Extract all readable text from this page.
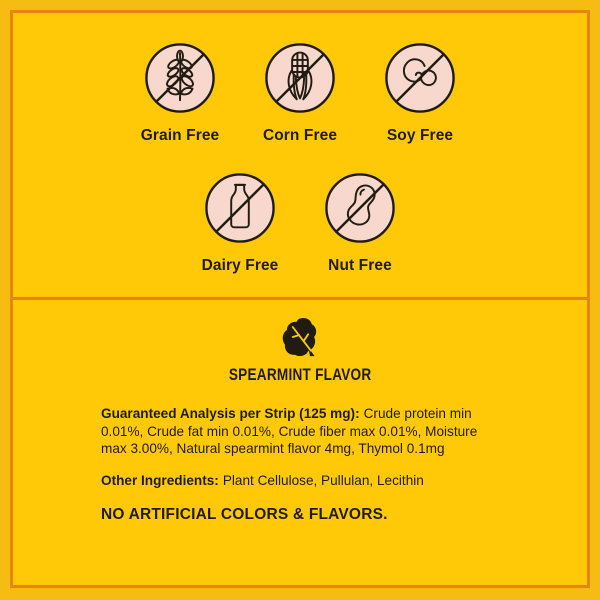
Grain Free	Corn Free	Soy Free
Dairy Free	Nut Free
SPEARMINT FLAVOR

Guaranteed Analysis per Strip (125 mg): Crude protein min 0.01%, Crude fat min 0.01%, Crude fiber max 0.01%, Moisture max 3.00%, Natural spearmint flavor 4mg, Thymol 0.1mg

Other Ingredients: Plant Cellulose, Pullulan, Lecithin

NO ARTIFICIAL COLORS & FLAVORS.
